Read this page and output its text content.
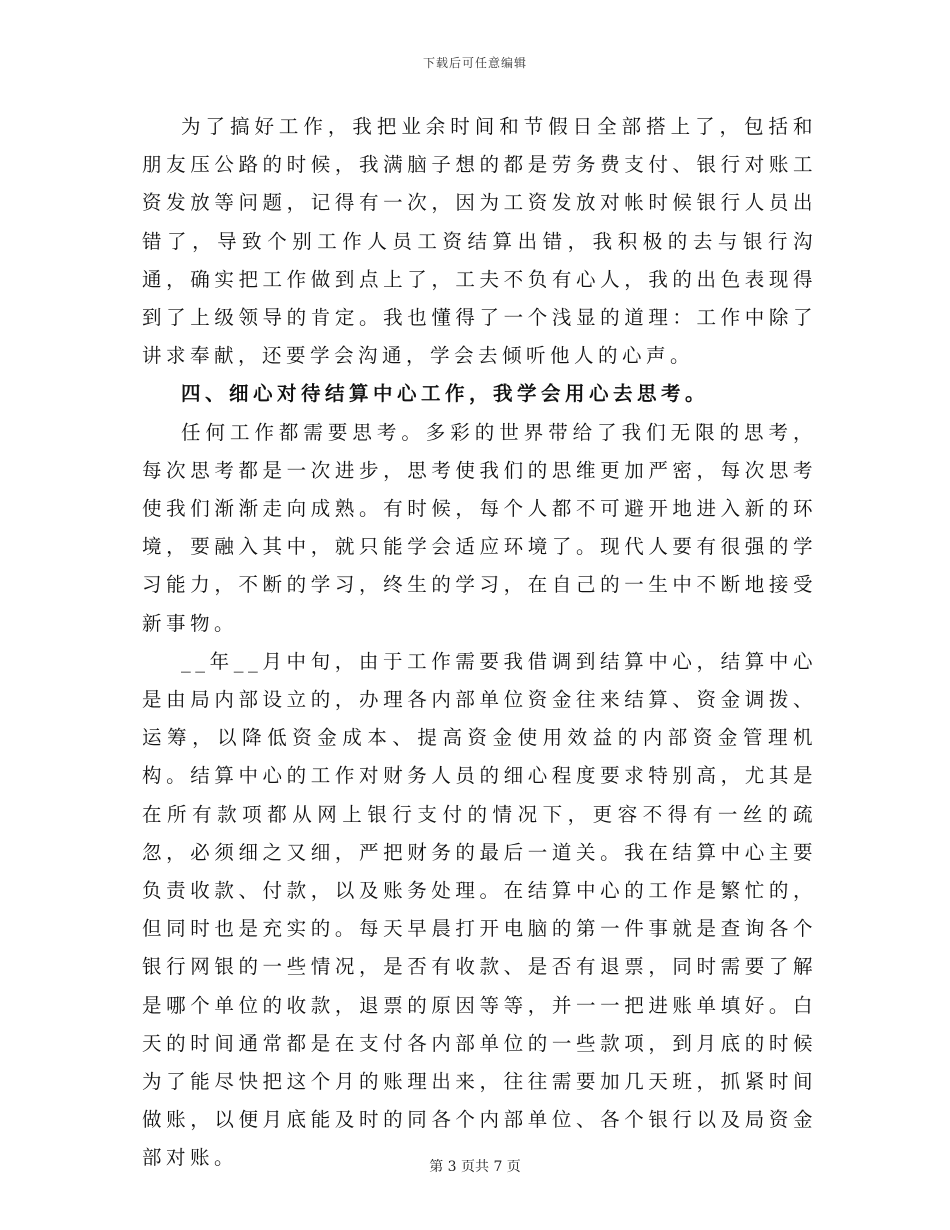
下载后可任意编辑

为了搞好工作，我把业余时间和节假日全部搭上了，包括和朋友压公路的时候，我满脑子想的都是劳务费支付、银行对账工资发放等问题，记得有一次，因为工资发放对帐时候银行人员出错了，导致个别工作人员工资结算出错，我积极的去与银行沟通，确实把工作做到点上了，工夫不负有心人，我的出色表现得到了上级领导的肯定。我也懂得了一个浅显的道理：工作中除了讲求奉献，还要学会沟通，学会去倾听他人的心声。

四、细心对待结算中心工作，我学会用心去思考。

任何工作都需要思考。多彩的世界带给了我们无限的思考，每次思考都是一次进步，思考使我们的思维更加严密，每次思考使我们渐渐走向成熟。有时候，每个人都不可避开地进入新的环境，要融入其中，就只能学会适应环境了。现代人要有很强的学习能力，不断的学习，终生的学习，在自己的一生中不断地接受新事物。

__年__月中旬，由于工作需要我借调到结算中心，结算中心是由局内部设立的，办理各内部单位资金往来结算、资金调拨、运筹，以降低资金成本、提高资金使用效益的内部资金管理机构。结算中心的工作对财务人员的细心程度要求特别高，尤其是在所有款项都从网上银行支付的情况下，更容不得有一丝的疏忽，必须细之又细，严把财务的最后一道关。我在结算中心主要负责收款、付款，以及账务处理。在结算中心的工作是繁忙的，但同时也是充实的。每天早晨打开电脑的第一件事就是查询各个银行网银的一些情况，是否有收款、是否有退票，同时需要了解是哪个单位的收款，退票的原因等等，并一一把进账单填好。白天的时间通常都是在支付各内部单位的一些款项，到月底的时候为了能尽快把这个月的账理出来，往往需要加几天班，抓紧时间做账，以便月底能及时的同各个内部单位、各个银行以及局资金部对账。	第 3 页共 7 页
